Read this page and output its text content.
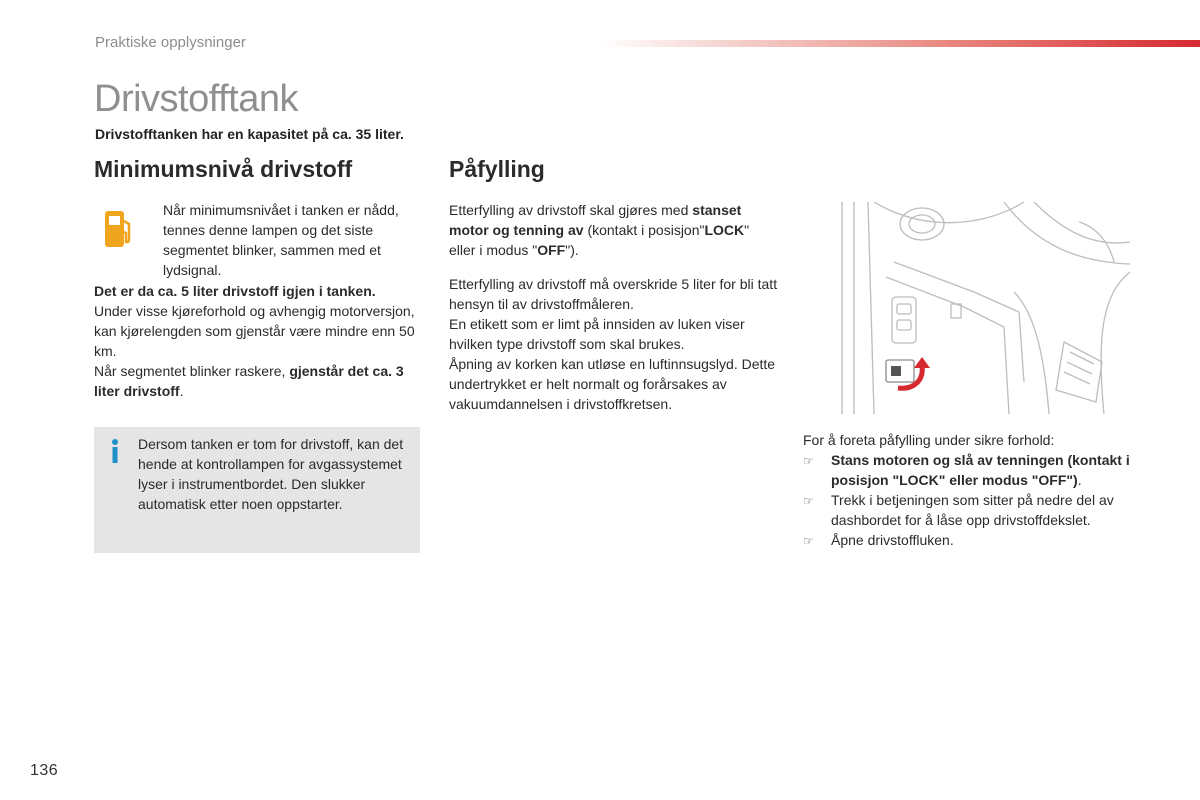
Praktiske opplysninger
Drivstofftank
Drivstofftanken har en kapasitet på ca. 35 liter.
Minimumsnivå drivstoff
Når minimumsnivået i tanken er nådd, tennes denne lampen og det siste segmentet blinker, sammen med et lydsignal.

Det er da ca. 5 liter drivstoff igjen i tanken.

Under visse kjøreforhold og avhengig motorversjon, kan kjørelengden som gjenstår være mindre enn 50 km.

Når segmentet blinker raskere, gjenstår det ca. 3 liter drivstoff.

Dersom tanken er tom for drivstoff, kan det hende at kontrollampen for avgassystemet lyser i instrumentbordet. Den slukker automatisk etter noen oppstarter.
Påfylling

Etterfylling av drivstoff skal gjøres med stanset motor og tenning av (kontakt i posisjon"LOCK" eller i modus "OFF").

Etterfylling av drivstoff må overskride 5 liter for bli tatt hensyn til av drivstoffmåleren.
En etikett som er limt på innsiden av luken viser hvilken type drivstoff som skal brukes.
Åpning av korken kan utløse en luftinnsugslyd. Dette undertrykket er helt normalt og forårsakes av vakuumdannelsen i drivstoffkretsen.

For å foreta påfylling under sikre forhold:

☞	Stans motoren og slå av tenningen (kontakt i posisjon "LOCK" eller modus "OFF").
☞	Trekk i betjeningen som sitter på nedre del av dashbordet for å låse opp drivstoffdekslet.
☞	Åpne drivstoffluken.
136
